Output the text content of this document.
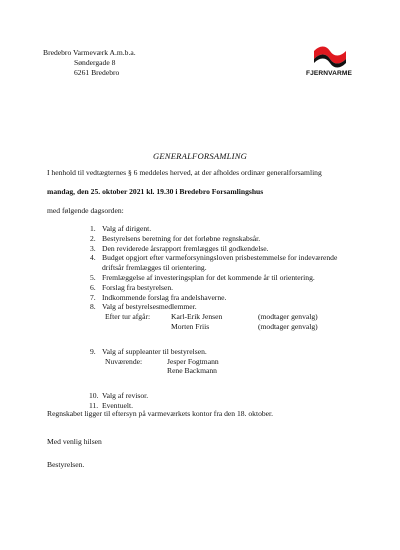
Bredebro Varmeværk A.m.b.a.
Søndergade 8
6261 Bredebro	FJERNVARME
GENERALFORSAMLING
I henhold til vedtægternes § 6 meddeles herved, at der afholdes ordinær generalforsamling
mandag, den 25. oktober 2021 kl. 19.30 i Bredebro Forsamlingshus
med følgende dagsorden:
1. Valg af dirigent.
2. Bestyrelsens beretning for det forløbne regnskabsår.
3. Den reviderede årsrapport fremlægges til godkendelse.
4. Budget opgjort efter varmeforsyningsloven prisbestemmelse for indeværende
driftsår fremlægges til orientering.
5. Fremlæggelse af investeringsplan for det kommende år til orientering.
6. Forslag fra bestyrelsen.
7. Indkommende forslag fra andelshaverne.
8. Valg af bestyrelsesmedlemmer.
Efter tur afgår:	Karl-Erik Jensen	(modtager genvalg)
Morten Friis	(modtager genvalg)
9. Valg af suppleanter til bestyrelsen.
Nuværende:	Jesper Fogtmann
Rene Backmann
10. Valg af revisor.
11. Eventuelt.
Regnskabet ligger til eftersyn på varmeværkets kontor fra den 18. oktober.
Med venlig hilsen
Bestyrelsen.
